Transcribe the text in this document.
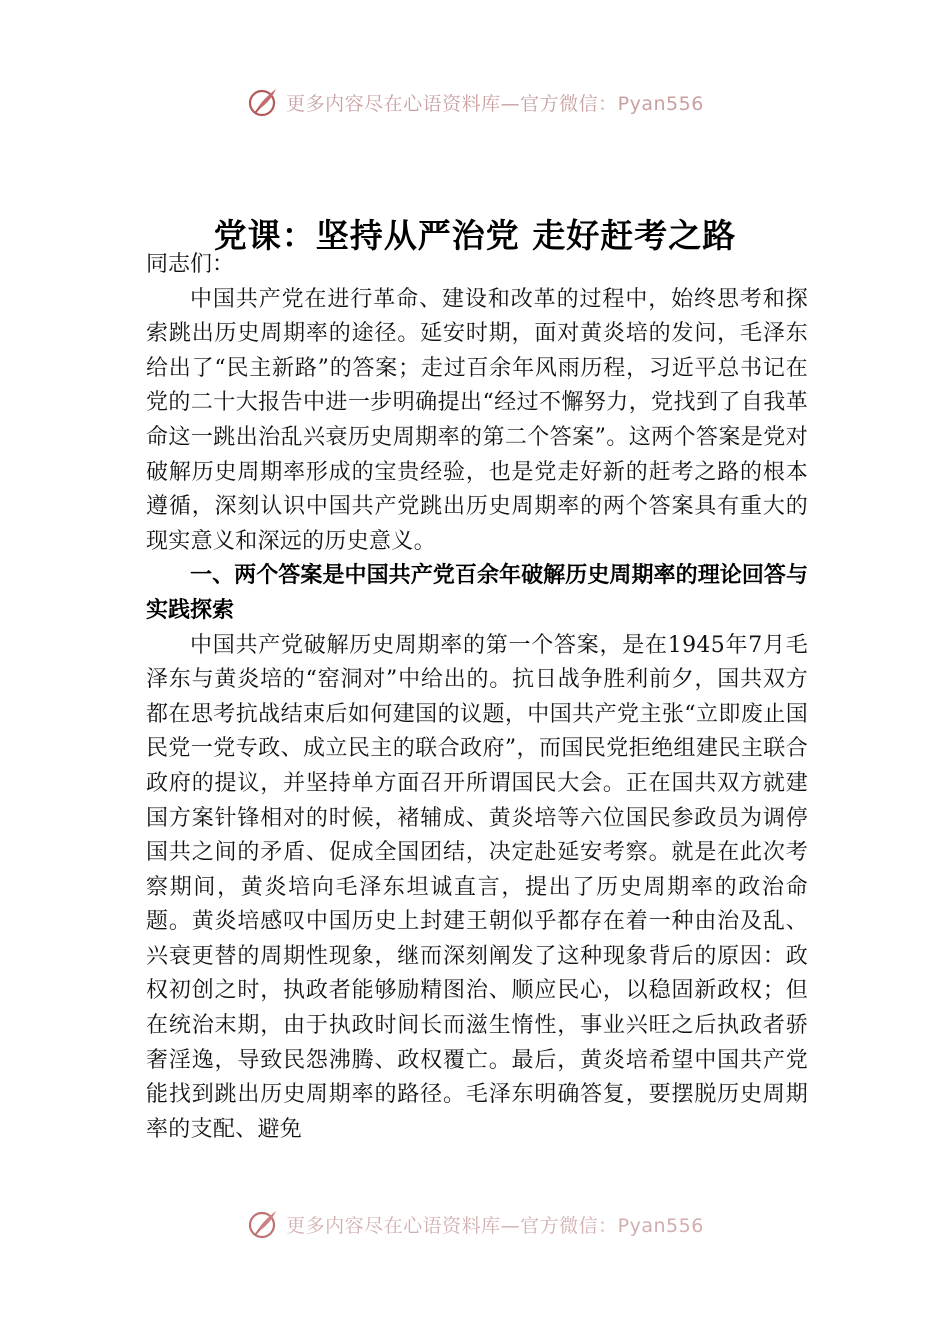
更多内容尽在心语资料库—官方微信：Pyan556
党课：坚持从严治党 走好赶考之路

同志们：

中国共产党在进行革命、建设和改革的过程中，始终思考和探索跳出历史周期率的途径。延安时期，面对黄炎培的发问，毛泽东给出了“民主新路”的答案；走过百余年风雨历程，习近平总书记在党的二十大报告中进一步明确提出“经过不懈努力，党找到了自我革命这一跳出治乱兴衰历史周期率的第二个答案”。这两个答案是党对破解历史周期率形成的宝贵经验，也是党走好新的赶考之路的根本遵循，深刻认识中国共产党跳出历史周期率的两个答案具有重大的现实意义和深远的历史意义。

一、两个答案是中国共产党百余年破解历史周期率的理论回答与实践探索

中国共产党破解历史周期率的第一个答案，是在1945年7月毛泽东与黄炎培的“窑洞对”中给出的。抗日战争胜利前夕，国共双方都在思考抗战结束后如何建国的议题，中国共产党主张“立即废止国民党一党专政、成立民主的联合政府”，而国民党拒绝组建民主联合政府的提议，并坚持单方面召开所谓国民大会。正在国共双方就建国方案针锋相对的时候，褚辅成、黄炎培等六位国民参政员为调停国共之间的矛盾、促成全国团结，决定赴延安考察。就是在此次考察期间，黄炎培向毛泽东坦诚直言，提出了历史周期率的政治命题。黄炎培感叹中国历史上封建王朝似乎都存在着一种由治及乱、兴衰更替的周期性现象，继而深刻阐发了这种现象背后的原因：政权初创之时，执政者能够励精图治、顺应民心，以稳固新政权；但在统治末期，由于执政时间长而滋生惰性，事业兴旺之后执政者骄奢淫逸，导致民怨沸腾、政权覆亡。最后，黄炎培希望中国共产党能找到跳出历史周期率的路径。毛泽东明确答复，要摆脱历史周期率的支配、避免

更多内容尽在心语资料库—官方微信：Pyan556
